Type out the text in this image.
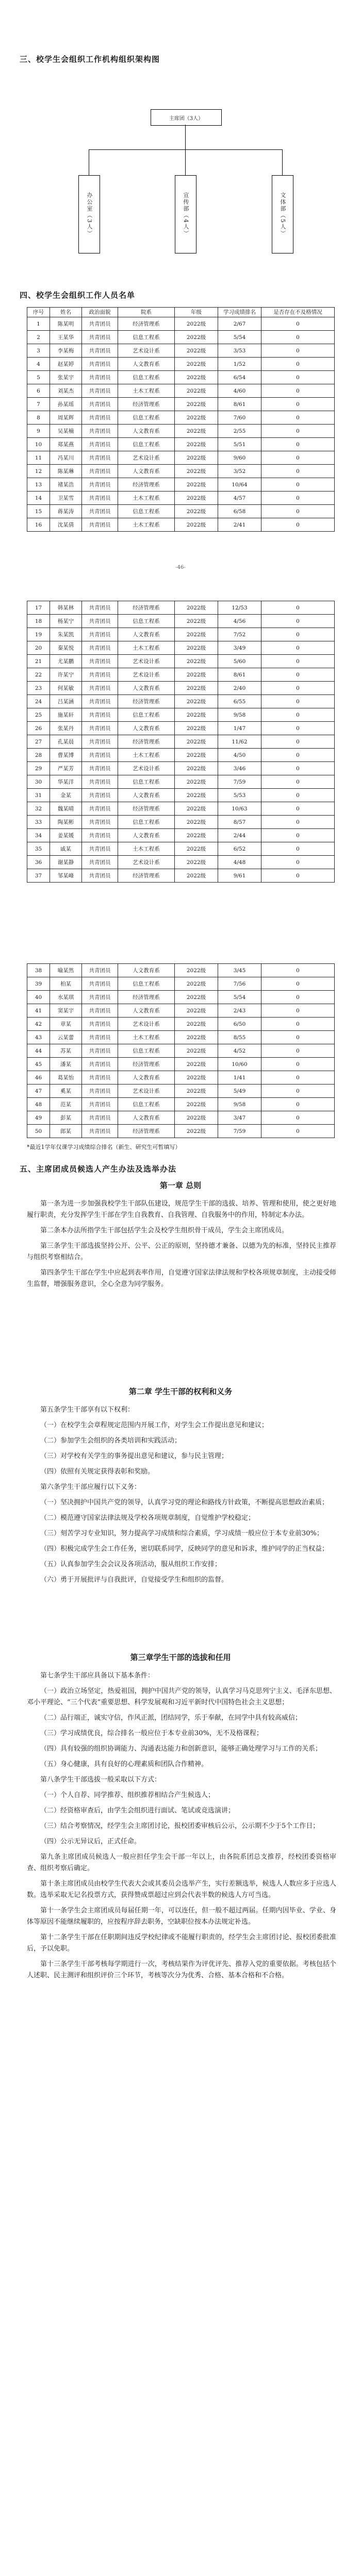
三、校学生会组织工作机构组织架构图
主席团（3人）
办公室（3人）	宣传部（4人）	文体部（5人）
四、校学生会组织工作人员名单
序号	姓名	政治面貌	院系	年级	学习成绩排名	是否存在不及格情况
1	陈某明	共青团员	经济管理系	2022级	2/67	0
2	王某华	共青团员	信息工程系	2022级	5/54	0
3	李某梅	共青团员	艺术设计系	2022级	3/53	0
4	赵某婷	共青团员	人文教育系	2022级	1/52	0
5	张某宇	共青团员	信息工程系	2022级	6/54	0
6	刘某杰	共青团员	土木工程系	2022级	4/60	0
7	孙某瑶	共青团员	经济管理系	2022级	8/61	0
8	周某辉	共青团员	信息工程系	2022级	7/60	0
9	吴某楠	共青团员	人文教育系	2022级	2/55	0
10	郑某燕	共青团员	信息工程系	2022级	5/51	0
11	冯某川	共青团员	艺术设计系	2022级	9/60	0
12	陈某琳	共青团员	人文教育系	2022级	3/52	0
13	褚某浩	共青团员	经济管理系	2022级	10/64	0
14	卫某雪	共青团员	土木工程系	2022级	4/57	0
15	蒋某涛	共青团员	信息工程系	2022级	6/58	0
16	沈某倩	共青团员	土木工程系	2022级	2/41	0
-46-
17	韩某林	共青团员	经济管理系	2022级	12/53	0
18	杨某宁	共青团员	信息工程系	2022级	4/56	0
19	朱某凯	共青团员	人文教育系	2022级	7/52	0
20	秦某悦	共青团员	土木工程系	2022级	3/49	0
21	尤某鹏	共青团员	艺术设计系	2022级	5/60	0
22	许某宁	共青团员	艺术设计系	2022级	8/61	0
23	何某敏	共青团员	人文教育系	2022级	2/40	0
24	吕某涵	共青团员	经济管理系	2022级	6/55	0
25	施某轩	共青团员	信息工程系	2022级	9/58	0
26	张某丹	共青团员	人文教育系	2022级	1/47	0
27	孔某晨	共青团员	经济管理系	2022级	11/62	0
28	曹某博	共青团员	土木工程系	2022级	4/50	0
29	严某芳	共青团员	艺术设计系	2022级	3/46	0
30	华某洋	共青团员	信息工程系	2022级	7/59	0
31	金某	共青团员	人文教育系	2022级	5/53	0
32	魏某晴	共青团员	经济管理系	2022级	10/63	0
33	陶某彬	共青团员	信息工程系	2022级	8/57	0
34	姜某媛	共青团员	人文教育系	2022级	2/44	0
35	戚某	共青团员	土木工程系	2022级	6/52	0
36	谢某静	共青团员	艺术设计系	2022级	4/48	0
37	邹某峰	共青团员	经济管理系	2022级	9/61	0
38	喻某然	共青团员	人文教育系	2022级	3/45	0
39	柏某	共青团员	信息工程系	2022级	7/56	0
40	水某琪	共青团员	经济管理系	2022级	5/54	0
41	窦某宇	共青团员	人文教育系	2022级	2/43	0
42	章某	共青团员	艺术设计系	2022级	6/50	0
43	云某蕾	共青团员	土木工程系	2022级	8/55	0
44	苏某	共青团员	信息工程系	2022级	4/52	0
45	潘某	共青团员	经济管理系	2022级	10/60	0
46	葛某怡	共青团员	人文教育系	2022级	1/41	0
47	奚某	共青团员	艺术设计系	2022级	5/49	0
48	范某	共青团员	信息工程系	2022级	9/58	0
49	彭某	共青团员	人文教育系	2022级	3/47	0
50	郎某	共青团员	经济管理系	2022级	7/59	0
*最近1学年仅课学习成绩综合排名（新生、研究生可暂填写）
五、主席团成员候选人产生办法及选举办法
第一章 总则

第一条为进一步加强我校学生干部队伍建设，规范学生干部的选拔、培养、管理和使用，使之更好地履行职责，充分发挥学生干部在学生自我教育、自我管理、自我服务中的作用，特制定本办法。

第二条本办法所指学生干部包括学生会及校学生组织骨干成员，学生会主席团成员。

第三条学生干部选拔坚持公开、公平、公正的原则，坚持德才兼备、以德为先的标准，坚持民主推荐与组织考察相结合。

第四条学生干部在学生中应起到表率作用，自觉遵守国家法律法规和学校各项规章制度，主动接受师生监督，增强服务意识，全心全意为同学服务。

第二章 学生干部的权利和义务

第五条学生干部享有以下权利：

（一）在校学生会章程规定范围内开展工作，对学生会工作提出意见和建议；

（二）参加学生会组织的各类培训和实践活动；

（三）对学校有关学生的事务提出意见和建议，参与民主管理；

（四）依照有关规定获得表彰和奖励。

第六条学生干部应履行以下义务：

（一）坚决拥护中国共产党的领导，认真学习党的理论和路线方针政策，不断提高思想政治素质；

（二）模范遵守国家法律法规及学校各项规章制度，自觉维护学校稳定；

（三）刻苦学习专业知识，努力提高学习成绩和综合素质，学习成绩一般应位于本专业前30%；

（四）积极完成学生会工作任务，密切联系同学，反映同学的意见和诉求，维护同学的正当权益；

（五）认真参加学生会会议及各项活动，服从组织工作安排；

（六）勇于开展批评与自我批评，自觉接受学生和组织的监督。

第三章学生干部的选拔和任用

第七条学生干部应具备以下基本条件：

（一）政治立场坚定，热爱祖国，拥护中国共产党的领导，认真学习马克思列宁主义、毛泽东思想、邓小平理论、“三个代表”重要思想、科学发展观和习近平新时代中国特色社会主义思想；

（二）品行端正，诚实守信，作风正派，团结同学，乐于奉献，在同学中具有较高威信；

（三）学习成绩优良，综合排名一般应位于本专业前30%，无不及格课程；

（四）具有较强的组织协调能力、沟通表达能力和创新意识，能够正确处理学习与工作的关系；

（五）身心健康，具有良好的心理素质和团队合作精神。

第八条学生干部选拔一般采取以下方式：

（一）个人自荐、同学推荐、组织推荐相结合产生候选人；

（二）经资格审查后，由学生会组织进行面试、笔试或竞选演讲；

（三）结合考察情况，经学生会主席团讨论，报校团委审核后公示，公示期不少于5个工作日；

（四）公示无异议后，正式任命。

第九条主席团成员候选人一般应担任学生会干部一年以上，由各院系团总支推荐，经校团委资格审查、组织考察后确定。

第十条主席团成员由校学生代表大会或其委员会选举产生，实行差额选举，候选人人数应多于应选人数。选举采取无记名投票方式，获得赞成票超过应到会代表半数的候选人方可当选。

第十一条学生会主席团成员每届任期一年，可以连任，但一般不超过两届。任期内因毕业、学业、身体等原因不能继续履职的，应按程序辞去职务，空缺职位按本办法规定补选。

第十二条学生干部在任职期间违反学校纪律或不能履行职责的，经学生会主席团讨论、报校团委批准后，予以免职。

第十三条学生干部考核每学期进行一次，考核结果作为评优评先、推荐入党的重要依据。考核包括个人述职、民主测评和组织评价三个环节，考核等次分为优秀、合格、基本合格和不合格。
